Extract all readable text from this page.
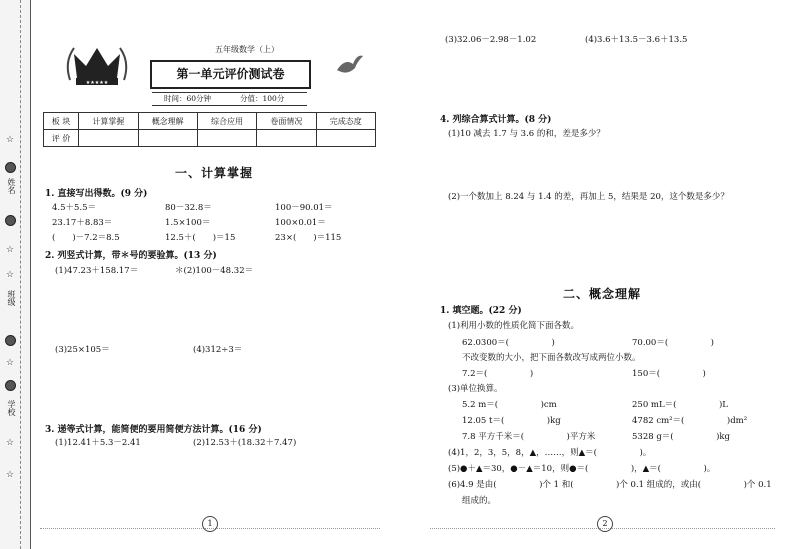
☆
姓名
☆
☆
班级
☆
学校
☆
☆
★★★★★
五年级数学（上）
第一单元评价测试卷
时间：60分钟	分值：100分
板 块	计算掌握	概念理解	综合应用	卷面情况	完成态度
评 价					
一、计算掌握
1. 直接写出得数。(9 分)
4.5＋5.5＝	80－32.8＝	100－90.01＝
23.17＋8.83＝	1.5×100＝	100×0.01＝
(　　)－7.2＝8.5	12.5＋(　　)＝15	23×(　　)＝115
2. 列竖式计算，带＊号的要验算。(13 分)
(1)47.23＋158.17＝	＊(2)100－48.32＝
(3)25×105＝	(4)312÷3＝
3. 递等式计算，能简便的要用简便方法计算。(16 分)
(1)12.41＋5.3－2.41	(2)12.53＋(18.32＋7.47)
1
(3)32.06－2.98－1.02	(4)3.6＋13.5－3.6＋13.5
4. 列综合算式计算。(8 分)
(1)10 减去 1.7 与 3.6 的和，差是多少？
(2)一个数加上 8.24 与 1.4 的差，再加上 5，结果是 20，这个数是多少？
二、概念理解
1. 填空题。(22 分)
(1)利用小数的性质化简下面各数。
62.0300＝(　　　　　)	70.00＝(　　　　　)
不改变数的大小，把下面各数改写成两位小数。
7.2＝(　　　　　)	150＝(　　　　　)
(3)单位换算。
5.2 m＝(　　　　　)cm	250 mL＝(　　　　　)L
12.05 t＝(　　　　　)kg	4782 cm²＝(　　　　　)dm²
7.8 平方千米＝(　　　　　)平方米	5328 g＝(　　　　　)kg
(4)1，2，3，5，8，▲，……，则▲＝(　　　　　)。
(5)●＋▲＝30，●－▲＝10，则●＝(　　　　　)，▲＝(　　　　　)。
(6)4.9 是由(　　　　　)个 1 和(　　　　　)个 0.1 组成的，或由(　　　　　)个 0.1
组成的。
2
